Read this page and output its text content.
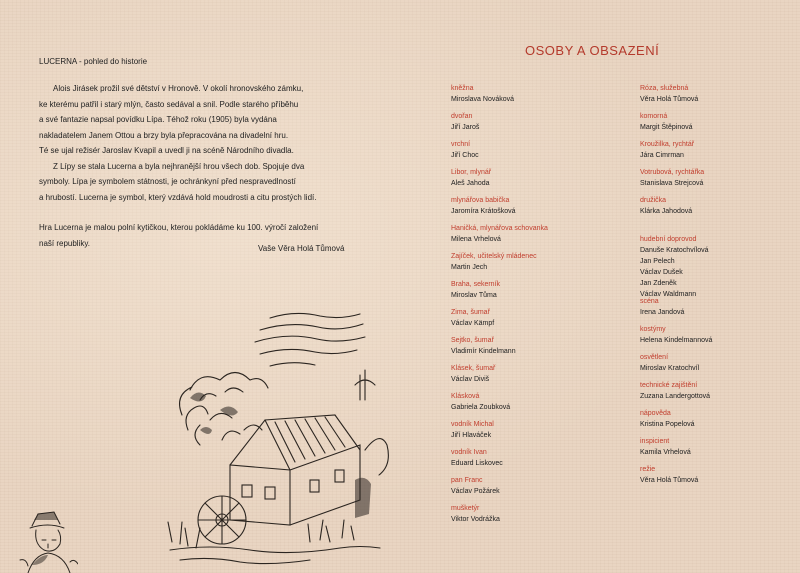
LUCERNA - pohled do historie

Alois Jirásek prožil své dětství v Hronově. V okolí hronovského zámku,
ke kterému patřil i starý mlýn, často sedával a snil. Podle starého příběhu
a své fantazie napsal povídku Lípa. Téhož roku (1905) byla vydána
nakladatelem Janem Ottou a brzy byla přepracována na divadelní hru.
Té se ujal režisér Jaroslav Kvapil a uvedl ji na scéně Národního divadla.

Z Lípy se stala Lucerna a byla nejhranější hrou všech dob. Spojuje dva
symboly. Lípa je symbolem státnosti, je ochránkyní před nespravedlností
a hrubostí. Lucerna je symbol, který vzdává hold moudrosti a citu prostých lidí.

Hra Lucerna je malou polní kytičkou, kterou pokládáme ku 100. výročí založení
naší republiky.

Vaše Věra Holá Tůmová
OSOBY A OBSAZENÍ
kněžna
Miroslava Nováková
dvořan
Jiří Jaroš
vrchní
Jiří Choc
Libor, mlynář
Aleš Jahoda
mlynářova babička
Jaromíra Krátošková
Haničká, mlynářova schovanka
Milena Vrhelová
Zajíček, učitelský mládenec
Martin Jech
Braha, sekerník
Miroslav Tůma
Zima, šumař
Václav Kämpf
Sejtko, šumař
Vladimír Kindelmann
Klásek, šumař
Václav Diviš
Klásková
Gabriela Zoubková
vodník Michal
Jiří Hlaváček
vodník Ivan
Eduard Liskovec
pan Franc
Václav Požárek
mušketýr
Viktor Vodrážka
Róza, služebná
Věra Holá Tůmová
komorná
Margit Štěpinová
Kroužilka, rychtář
Jára Cimrman
Votrubová, rychtářka
Stanislava Strejcová
družička
Klárka Jahodová
hudební doprovod
Danuše Kratochvílová
Jan Pelech
Václav Dušek
Jan Zdeněk
Václav Waldmann
scéna
Irena Jandová
kostýmy
Helena Kindelmannová
osvětlení
Miroslav Kratochvíl
technické zajištění
Zuzana Landergottová
nápověda
Kristina Popelová
inspicient
Kamila Vrhelová
režie
Věra Holá Tůmová
